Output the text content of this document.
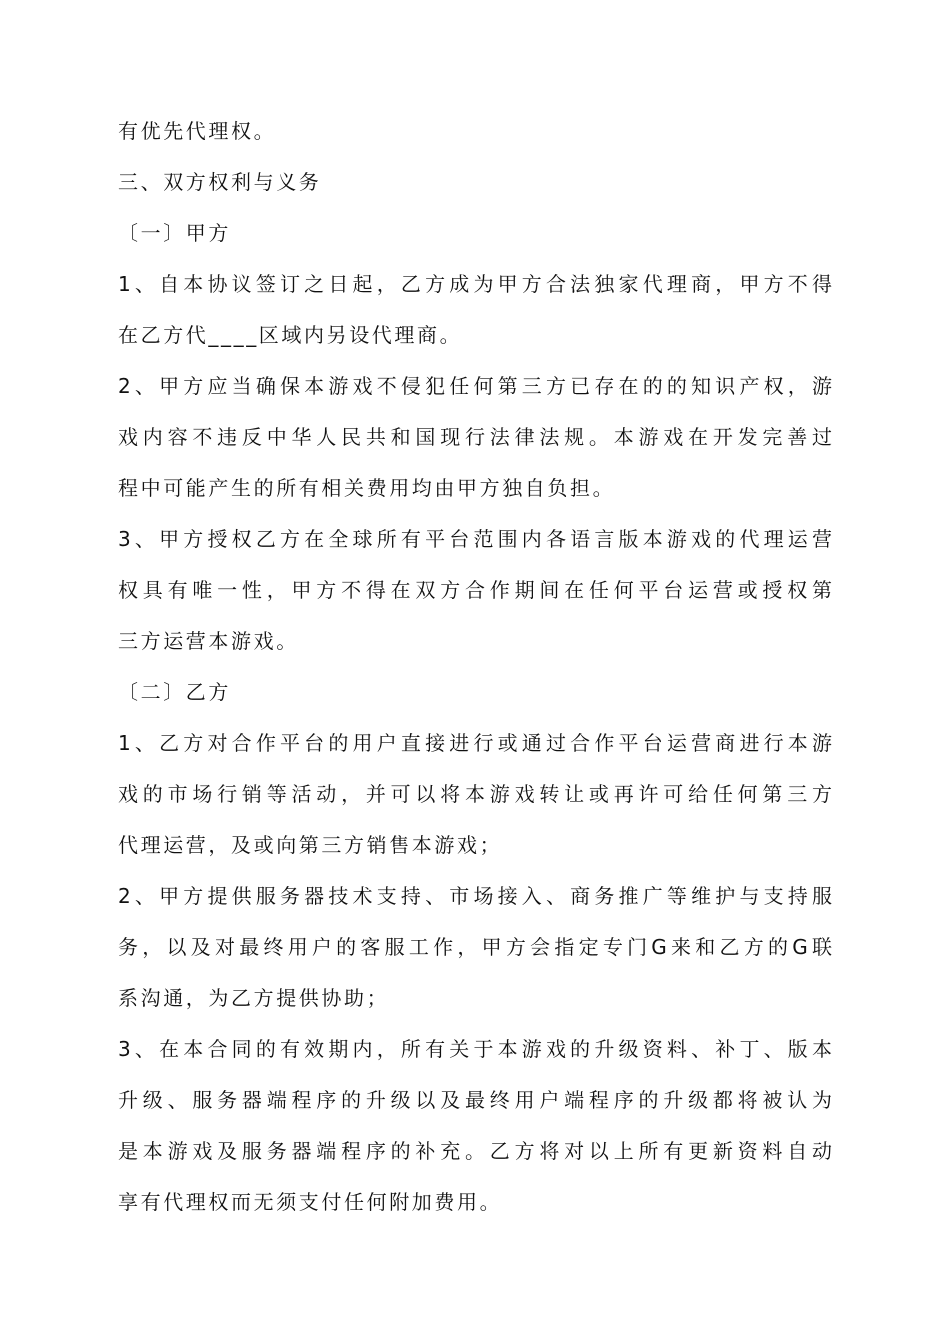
有优先代理权。
三、双方权利与义务
〔一〕甲方
1、自本协议签订之日起，乙方成为甲方合法独家代理商，甲方不得
在乙方代____区域内另设代理商。
2、甲方应当确保本游戏不侵犯任何第三方已存在的的知识产权，游
戏内容不违反中华人民共和国现行法律法规。本游戏在开发完善过
程中可能产生的所有相关费用均由甲方独自负担。
3、甲方授权乙方在全球所有平台范围内各语言版本游戏的代理运营
权具有唯一性，甲方不得在双方合作期间在任何平台运营或授权第
三方运营本游戏。
〔二〕乙方
1、乙方对合作平台的用户直接进行或通过合作平台运营商进行本游
戏的市场行销等活动，并可以将本游戏转让或再许可给任何第三方
代理运营，及或向第三方销售本游戏；
2、甲方提供服务器技术支持、市场接入、商务推广等维护与支持服
务，以及对最终用户的客服工作，甲方会指定专门G来和乙方的G联
系沟通，为乙方提供协助；
3、在本合同的有效期内，所有关于本游戏的升级资料、补丁、版本
升级、服务器端程序的升级以及最终用户端程序的升级都将被认为
是本游戏及服务器端程序的补充。乙方将对以上所有更新资料自动
享有代理权而无须支付任何附加费用。
